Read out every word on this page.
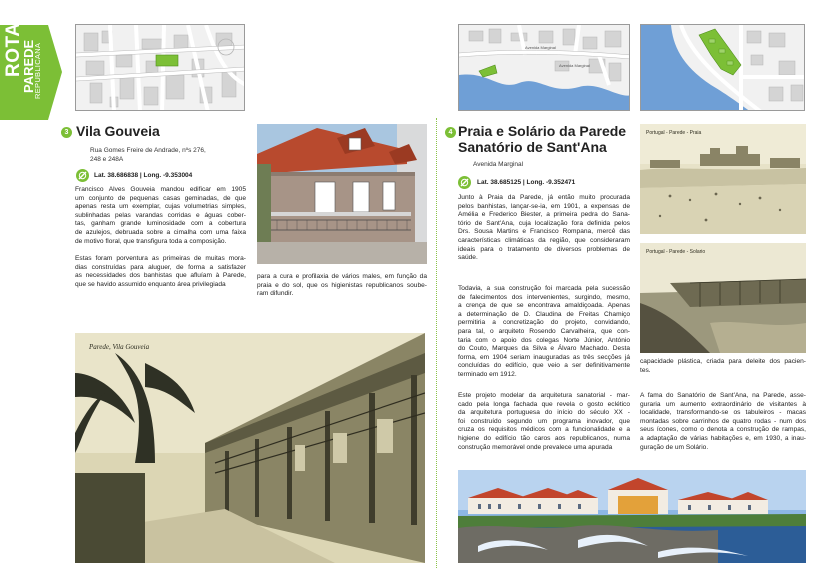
ROTA
PAREDE
REPUBLICANA	Avenida Marginal
Avenida Marginal
3 Vila Gouveia
Rua Gomes Freire de Andrade, nºs 276,
248 e 248A
Lat. 38.686838 | Long. -9.353004
Francisco Alves Gouveia mandou edificar em 1905
um conjunto de pequenas casas geminadas, de que
apenas resta um exemplar, cujas volumetrias simples,
sublinhadas pelas varandas corridas e águas cober-
tas, ganham grande luminosidade com a cobertura
de azulejos, debruada sobre a cimalha com uma faixa
de motivo floral, que transfigura toda a composição.
Estas foram porventura as primeiras de muitas mora-
dias construídas para aluguer, de forma a satisfazer
as necessidades dos banhistas que afluíam à Parede,
que se havido assumido enquanto área privilegiada
para a cura e profilaxia de vários males, em função da
praia e do sol, que os higienistas republicanos soube-
ram difundir.
Parede, Vila Gouveia
4 Praia e Solário da Parede
Sanatório de Sant'Ana
Avenida Marginal
Lat. 38.685125 | Long. -9.352471
Junto à Praia da Parede, já então muito procurada
pelos banhistas, lançar-se-ia, em 1901, a expensas de
Amélia e Frederico Biester, a primeira pedra do Sana-
tório de Sant'Ana, cuja localização fora definida pelos
Drs. Sousa Martins e Francisco Rompana, mercê das
características climáticas da região, que consideraram
ideais para o tratamento de diversos problemas de
saúde.
Todavia, a sua construção foi marcada pela sucessão
de falecimentos dos intervenientes, surgindo, mesmo,
a crença de que se encontrava amaldiçoada. Apenas
a determinação de D. Claudina de Freitas Chamiço
permitiria a concretização do projeto, convidando,
para tal, o arquiteto Rosendo Carvalheira, que con-
taria com o apoio dos colegas Norte Júnior, António
do Couto, Marques da Silva e Álvaro Machado. Desta
forma, em 1904 seriam inauguradas as três secções já
concluídas do edifício, que veio a ser definitivamente
terminado em 1912.
Este projeto modelar da arquitetura sanatorial - mar-
cado pela longa fachada que revela o gosto eclético
da arquitetura portuguesa do início do século XX -
foi construído segundo um programa inovador, que
cruza os requisitos médicos com a funcionalidade e a
higiene do edifício tão caros aos republicanos, numa
construção memorável onde prevalece uma apurada
capacidade plástica, criada para deleite dos pacien-
tes.
A fama do Sanatório de Sant'Ana, na Parede, asse-
guraria um aumento extraordinário de visitantes à
localidade, transformando-se os tabuleiros - macas
montadas sobre carrinhos de quatro rodas - num dos
seus ícones, como o denota a construção de rampas,
a adaptação de várias habitações e, em 1930, a inau-
guração de um Solário.
Portugal - Parede - Praia
Portugal - Parede - Solario
